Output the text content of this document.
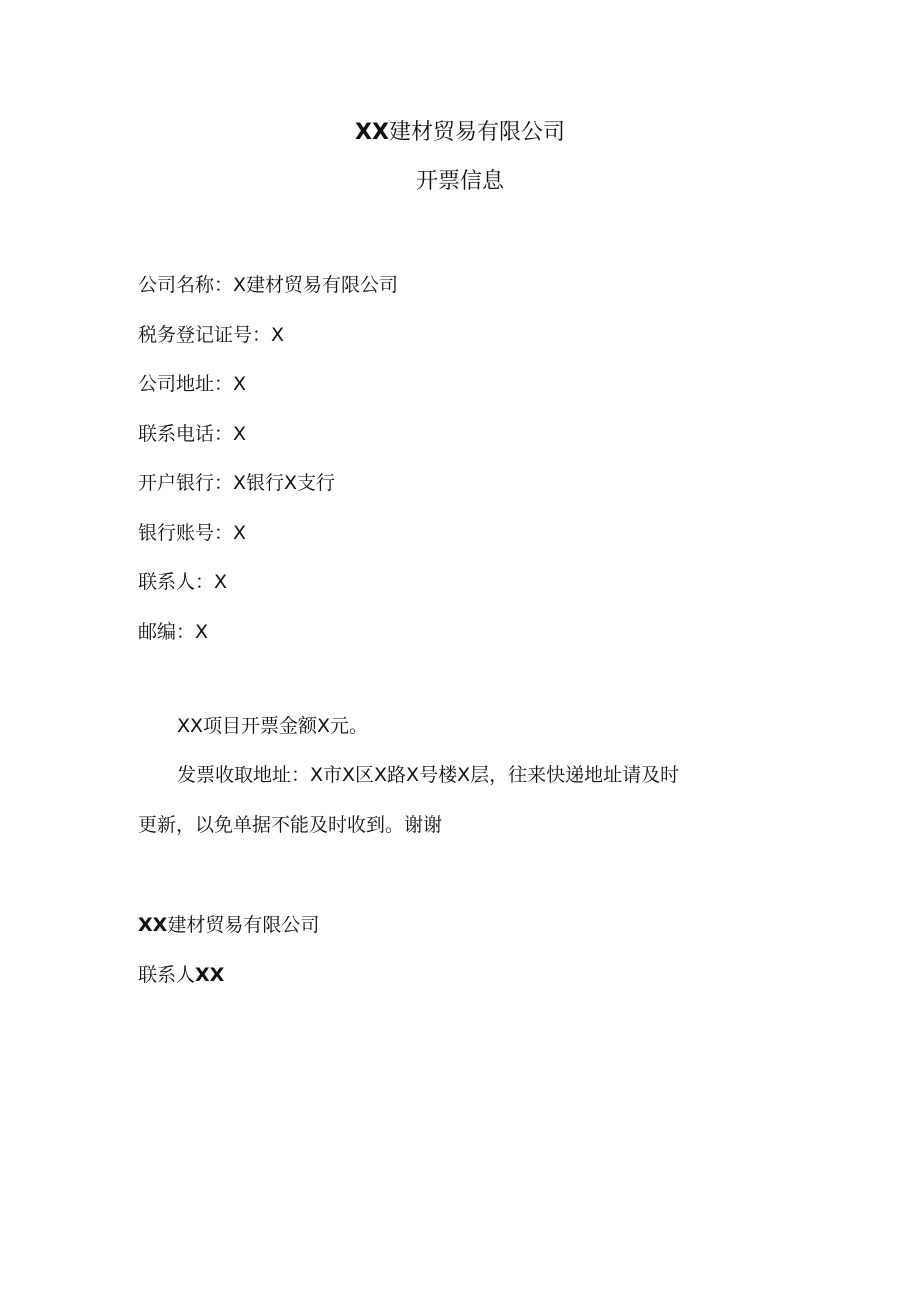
XX建材贸易有限公司
开票信息
公司名称：X建材贸易有限公司
税务登记证号：X
公司地址：X
联系电话：X
开户银行：X银行X支行
银行账号：X
联系人：X
邮编：X
XX项目开票金额X元。
发票收取地址：X市X区X路X号楼X层，往来快递地址请及时
更新，以免单据不能及时收到。谢谢
XX建材贸易有限公司
联系人XX
